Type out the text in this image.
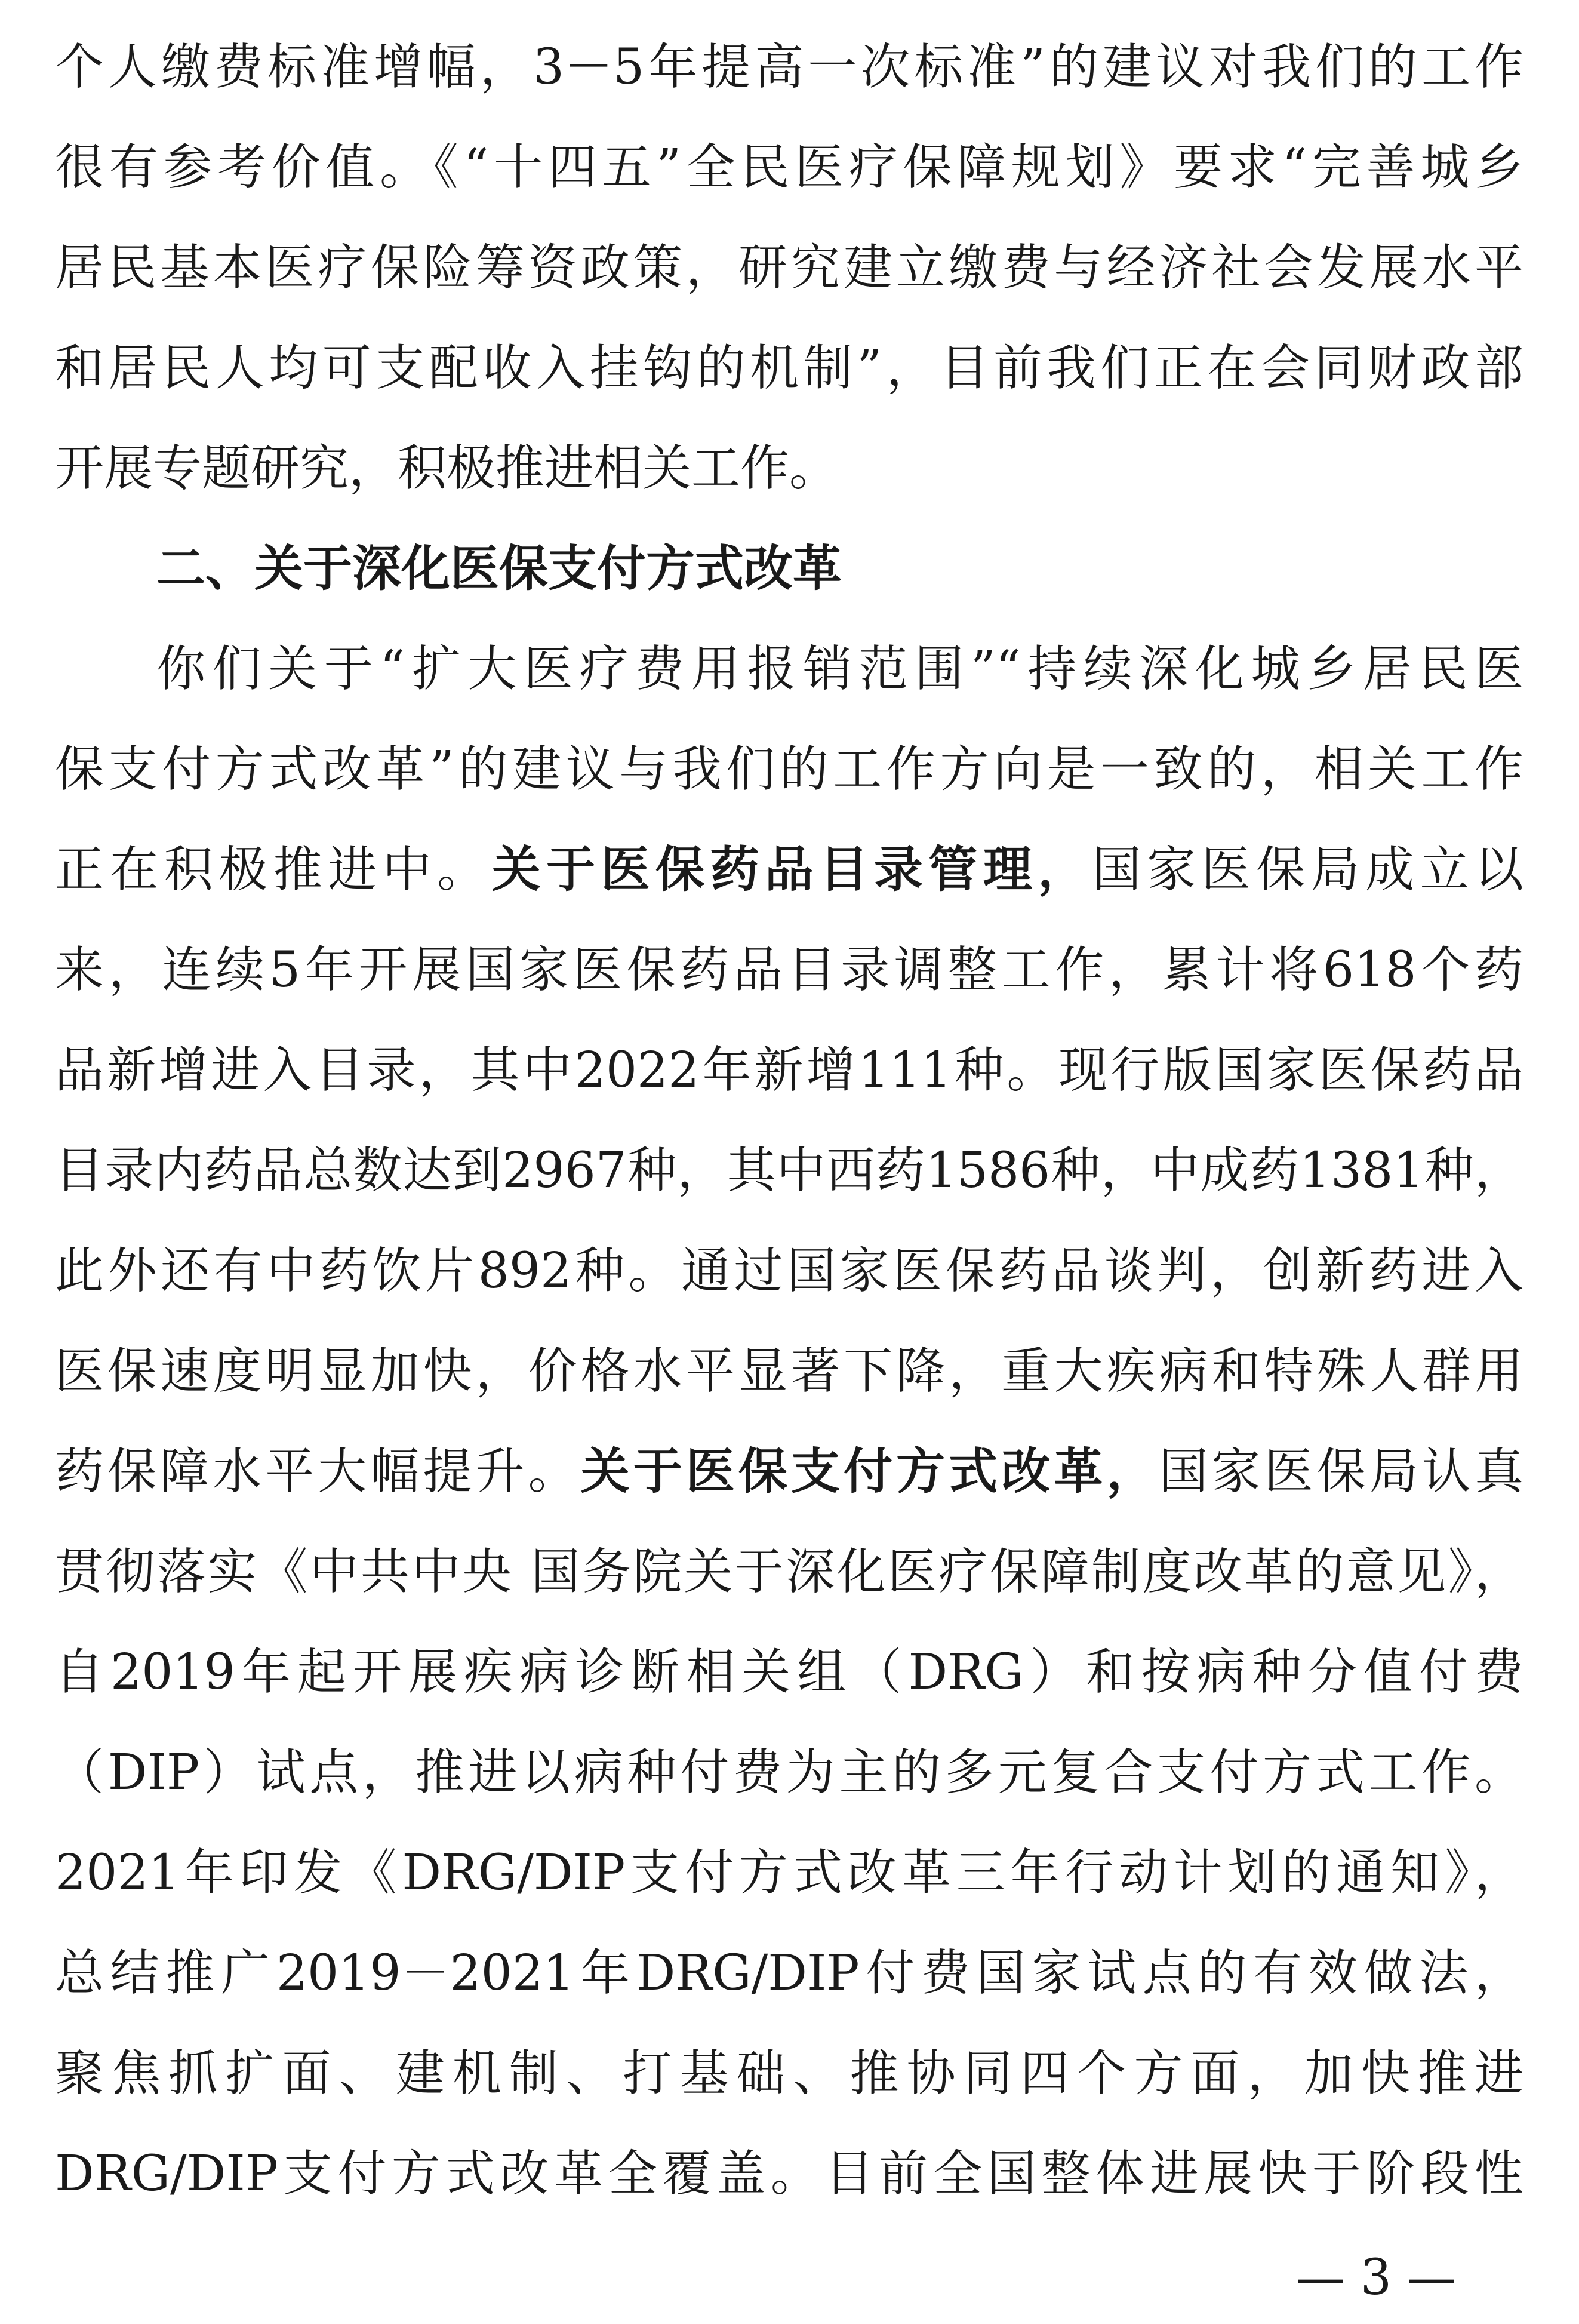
个人缴费标准增幅，3－5年提高一次标准”的建议对我们的工作
很有参考价值。《“十四五”全民医疗保障规划》要求“完善城乡
居民基本医疗保险筹资政策，研究建立缴费与经济社会发展水平
和居民人均可支配收入挂钩的机制”，目前我们正在会同财政部
开展专题研究，积极推进相关工作。
二、关于深化医保支付方式改革
你们关于“扩大医疗费用报销范围”“持续深化城乡居民医
保支付方式改革”的建议与我们的工作方向是一致的，相关工作
正在积极推进中。关于医保药品目录管理，国家医保局成立以
来，连续5年开展国家医保药品目录调整工作，累计将618个药
品新增进入目录，其中2022年新增111种。现行版国家医保药品
目录内药品总数达到2967种，其中西药1586种，中成药1381种，
此外还有中药饮片892种。通过国家医保药品谈判，创新药进入
医保速度明显加快，价格水平显著下降，重大疾病和特殊人群用
药保障水平大幅提升。关于医保支付方式改革，国家医保局认真
贯彻落实《中共中央 国务院关于深化医疗保障制度改革的意见》，
自2019年起开展疾病诊断相关组（DRG）和按病种分值付费
（DIP）试点，推进以病种付费为主的多元复合支付方式工作。
2021年印发《DRG/DIP支付方式改革三年行动计划的通知》，
总结推广2019－2021年DRG/DIP付费国家试点的有效做法，
聚焦抓扩面、建机制、打基础、推协同四个方面，加快推进
DRG/DIP支付方式改革全覆盖。目前全国整体进展快于阶段性
— 3 —
